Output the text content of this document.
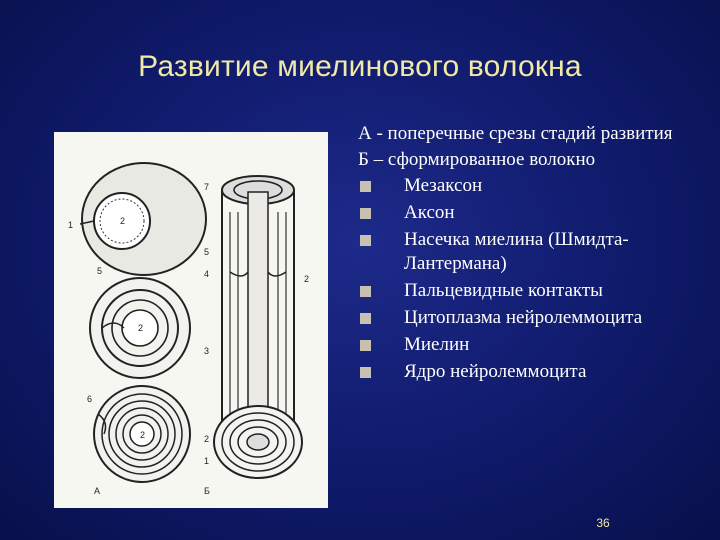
Развитие миелинового волокна
1
5
6
2
2
2
А
7
5
4	2
3
2
1
Б

А - поперечные срезы стадий развития

Б – сформированное волокно

Мезаксон
Аксон
Насечка миелина (Шмидта-Лантермана)
Пальцевидные контакты
Цитоплазма нейролеммоцита
Миелин
Ядро нейролеммоцита
36
